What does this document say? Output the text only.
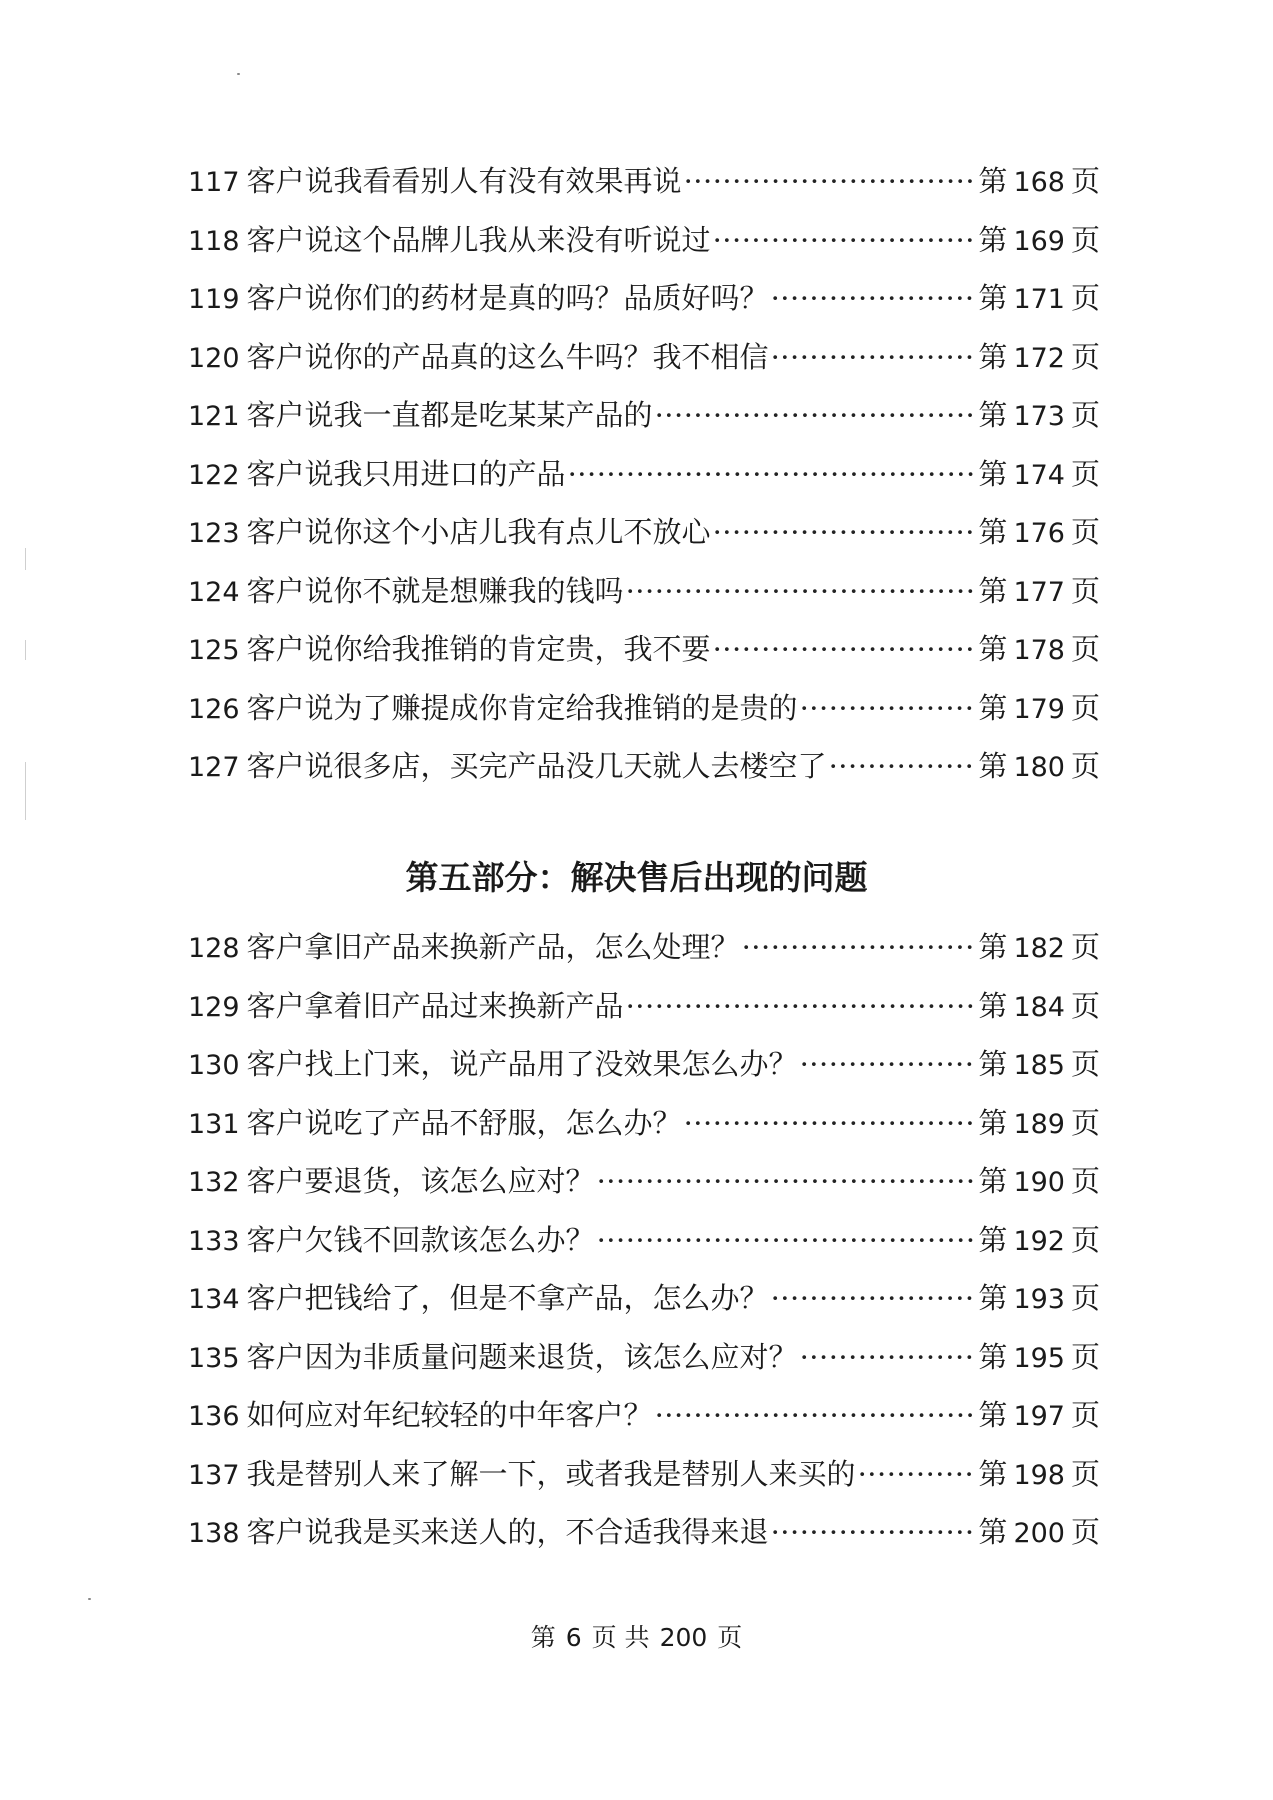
117 客户说我看看别人有没有效果再说 ·····	第 168 页
118 客户说这个品牌儿我从来没有听说过 ·····	第 169 页
119 客户说你们的药材是真的吗？品质好吗？ ·····	第 171 页
120 客户说你的产品真的这么牛吗？我不相信 ·····	第 172 页
121 客户说我一直都是吃某某产品的 ·····	第 173 页
122 客户说我只用进口的产品 ·····	第 174 页
123 客户说你这个小店儿我有点儿不放心 ·····	第 176 页
124 客户说你不就是想赚我的钱吗 ·····	第 177 页
125 客户说你给我推销的肯定贵，我不要 ·····	第 178 页
126 客户说为了赚提成你肯定给我推销的是贵的 ·····	第 179 页
127 客户说很多店，买完产品没几天就人去楼空了 ·····	第 180 页
第五部分：解决售后出现的问题
128 客户拿旧产品来换新产品，怎么处理？ ·····	第 182 页
129 客户拿着旧产品过来换新产品 ·····	第 184 页
130 客户找上门来，说产品用了没效果怎么办？ ·····	第 185 页
131 客户说吃了产品不舒服，怎么办？ ·····	第 189 页
132 客户要退货，该怎么应对？ ·····	第 190 页
133 客户欠钱不回款该怎么办？ ·····	第 192 页
134 客户把钱给了，但是不拿产品，怎么办？ ·····	第 193 页
135 客户因为非质量问题来退货，该怎么应对？ ·····	第 195 页
136 如何应对年纪较轻的中年客户？ ·····	第 197 页
137 我是替别人来了解一下，或者我是替别人来买的 ·····	第 198 页
138 客户说我是买来送人的，不合适我得来退 ·····	第 200 页
第 6 页 共 200 页
